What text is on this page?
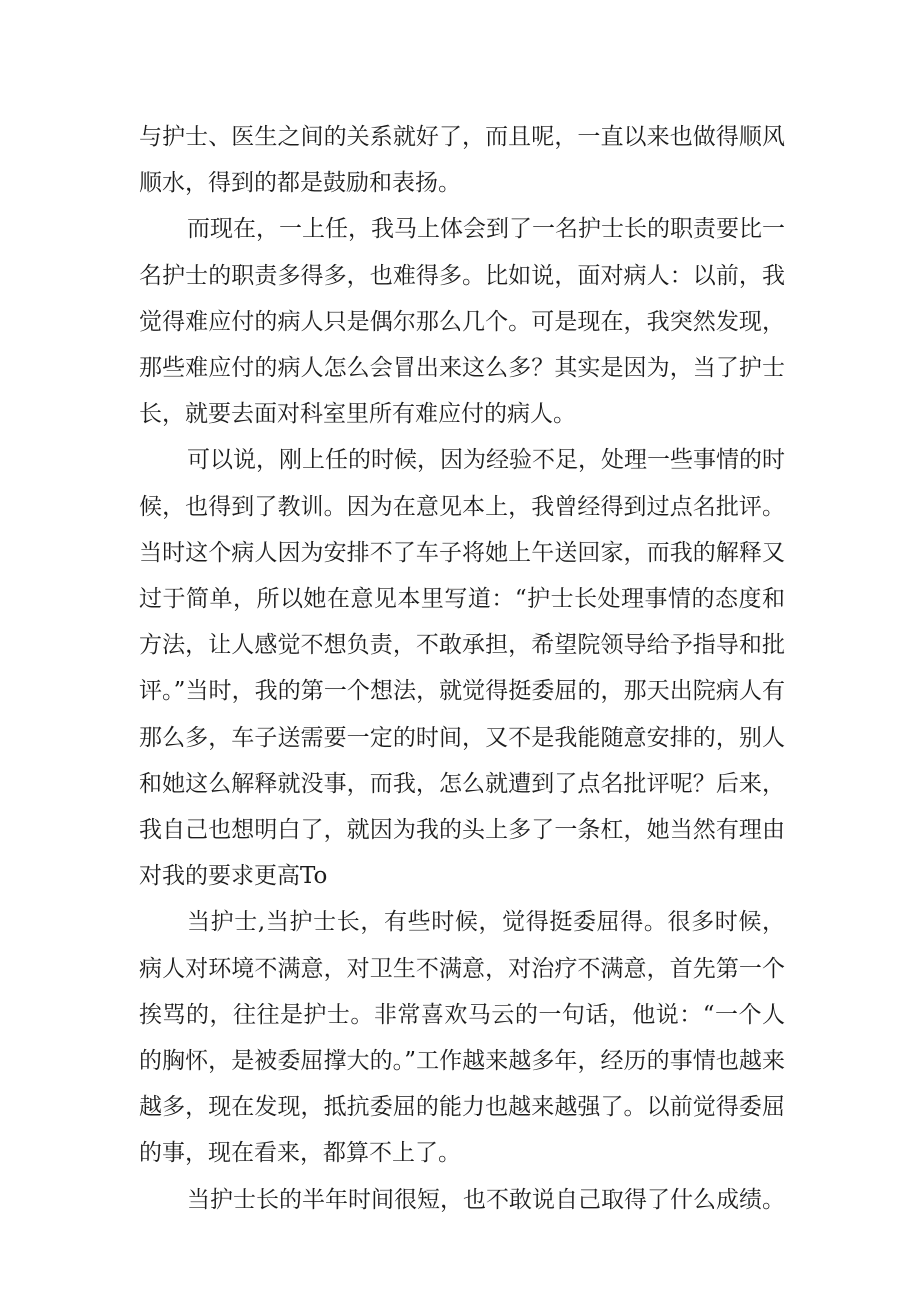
与护士、医生之间的关系就好了，而且呢，一直以来也做得顺风顺水，得到的都是鼓励和表扬。

而现在，一上任，我马上体会到了一名护士长的职责要比一名护士的职责多得多，也难得多。比如说，面对病人：以前，我觉得难应付的病人只是偶尔那么几个。可是现在，我突然发现，那些难应付的病人怎么会冒出来这么多？其实是因为，当了护士长，就要去面对科室里所有难应付的病人。

可以说，刚上任的时候，因为经验不足，处理一些事情的时候，也得到了教训。因为在意见本上，我曾经得到过点名批评。当时这个病人因为安排不了车子将她上午送回家，而我的解释又过于简单，所以她在意见本里写道：“护士长处理事情的态度和方法，让人感觉不想负责，不敢承担，希望院领导给予指导和批评。”当时，我的第一个想法，就觉得挺委屈的，那天出院病人有那么多，车子送需要一定的时间，又不是我能随意安排的，别人和她这么解释就没事，而我，怎么就遭到了点名批评呢？后来，我自己也想明白了，就因为我的头上多了一条杠，她当然有理由对我的要求更高To

当护士,当护士长，有些时候，觉得挺委屈得。很多时候，病人对环境不满意，对卫生不满意，对治疗不满意，首先第一个挨骂的，往往是护士。非常喜欢马云的一句话，他说：“一个人的胸怀，是被委屈撑大的。”工作越来越多年，经历的事情也越来越多，现在发现，抵抗委屈的能力也越来越强了。以前觉得委屈的事，现在看来，都算不上了。

当护士长的半年时间很短，也不敢说自己取得了什么成绩。
